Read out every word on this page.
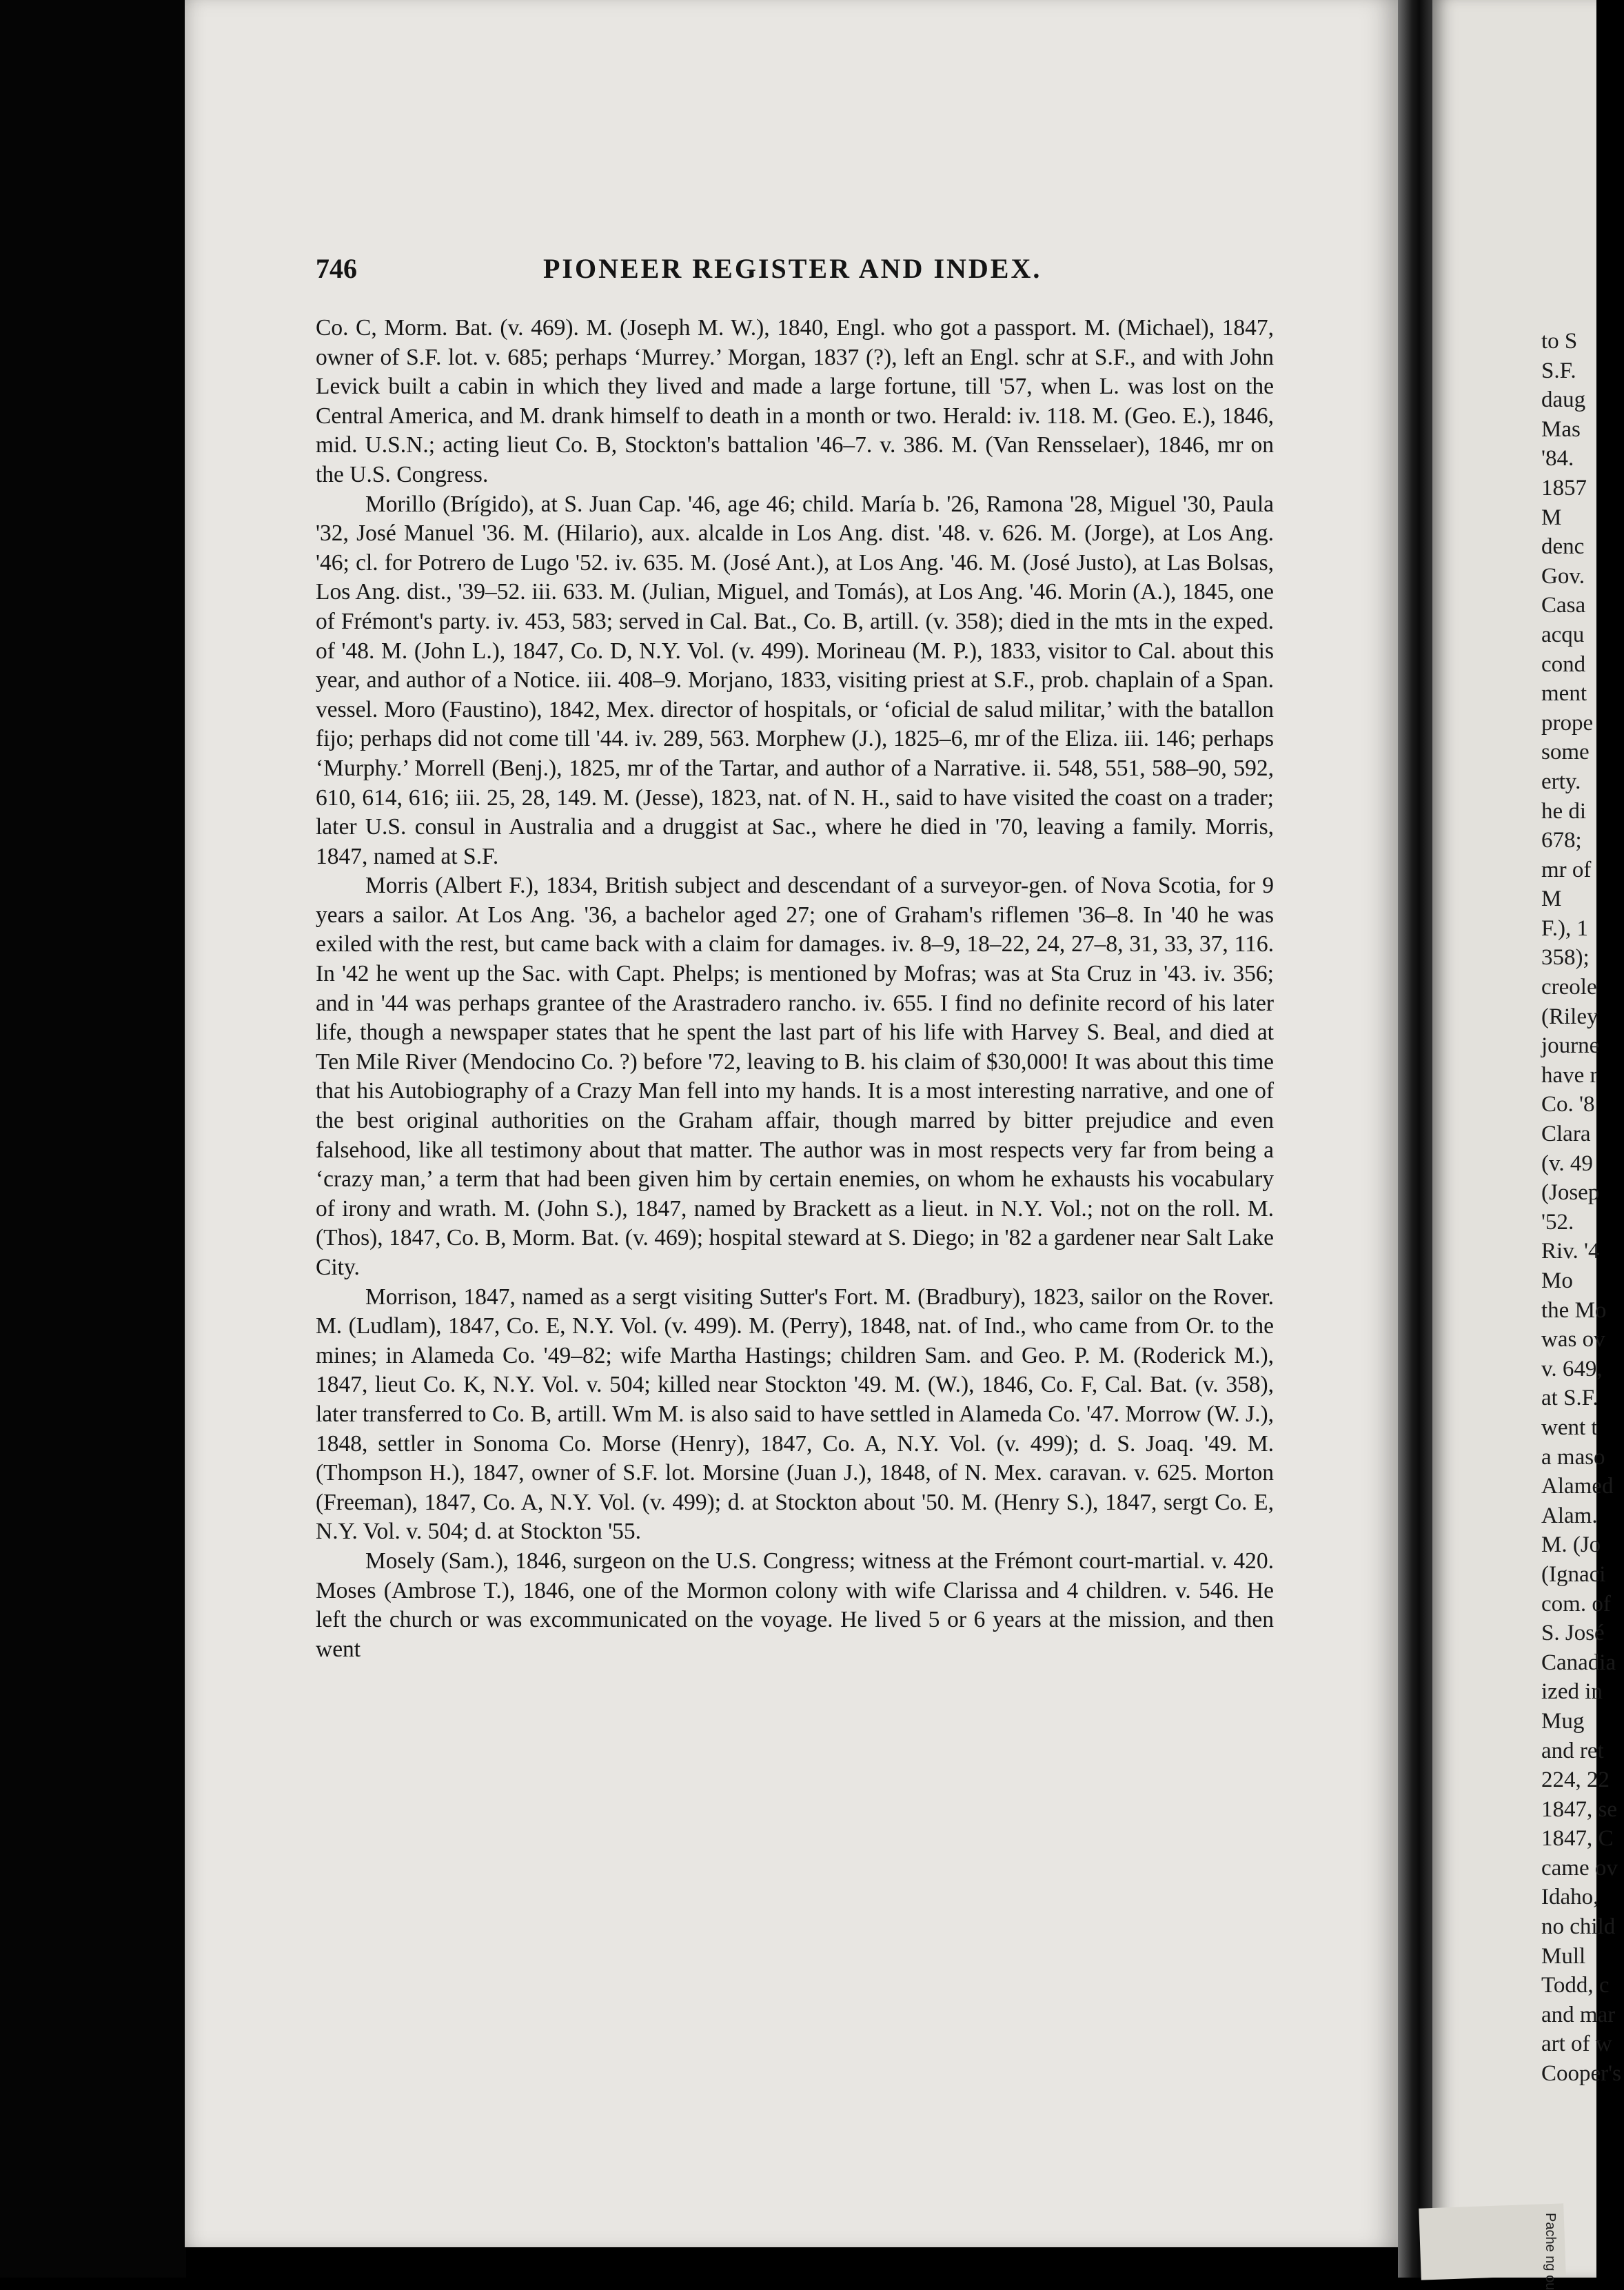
746	PIONEER REGISTER AND INDEX.

Co. C, Morm. Bat. (v. 469). M. (Joseph M. W.), 1840, Engl. who got a passport. M. (Michael), 1847, owner of S.F. lot. v. 685; perhaps ‘Murrey.’ Morgan, 1837 (?), left an Engl. schr at S.F., and with John Levick built a cabin in which they lived and made a large fortune, till '57, when L. was lost on the Central America, and M. drank himself to death in a month or two. Herald: iv. 118. M. (Geo. E.), 1846, mid. U.S.N.; acting lieut Co. B, Stockton's battalion '46–7. v. 386. M. (Van Rensselaer), 1846, mr on the U.S. Congress.

Morillo (Brígido), at S. Juan Cap. '46, age 46; child. María b. '26, Ramona '28, Miguel '30, Paula '32, José Manuel '36. M. (Hilario), aux. alcalde in Los Ang. dist. '48. v. 626. M. (Jorge), at Los Ang. '46; cl. for Potrero de Lugo '52. iv. 635. M. (José Ant.), at Los Ang. '46. M. (José Justo), at Las Bolsas, Los Ang. dist., '39–52. iii. 633. M. (Julian, Miguel, and Tomás), at Los Ang. '46. Morin (A.), 1845, one of Frémont's party. iv. 453, 583; served in Cal. Bat., Co. B, artill. (v. 358); died in the mts in the exped. of '48. M. (John L.), 1847, Co. D, N.Y. Vol. (v. 499). Morineau (M. P.), 1833, visitor to Cal. about this year, and author of a Notice. iii. 408–9. Morjano, 1833, visiting priest at S.F., prob. chaplain of a Span. vessel. Moro (Faustino), 1842, Mex. director of hospitals, or ‘oficial de salud militar,’ with the batallon fijo; perhaps did not come till '44. iv. 289, 563. Morphew (J.), 1825–6, mr of the Eliza. iii. 146; perhaps ‘Murphy.’ Morrell (Benj.), 1825, mr of the Tartar, and author of a Narrative. ii. 548, 551, 588–90, 592, 610, 614, 616; iii. 25, 28, 149. M. (Jesse), 1823, nat. of N. H., said to have visited the coast on a trader; later U.S. consul in Australia and a druggist at Sac., where he died in '70, leaving a family. Morris, 1847, named at S.F.

Morris (Albert F.), 1834, British subject and descendant of a surveyor-gen. of Nova Scotia, for 9 years a sailor. At Los Ang. '36, a bachelor aged 27; one of Graham's riflemen '36–8. In '40 he was exiled with the rest, but came back with a claim for damages. iv. 8–9, 18–22, 24, 27–8, 31, 33, 37, 116. In '42 he went up the Sac. with Capt. Phelps; is mentioned by Mofras; was at Sta Cruz in '43. iv. 356; and in '44 was perhaps grantee of the Arastradero rancho. iv. 655. I find no definite record of his later life, though a newspaper states that he spent the last part of his life with Harvey S. Beal, and died at Ten Mile River (Mendocino Co. ?) before '72, leaving to B. his claim of $30,000! It was about this time that his Autobiography of a Crazy Man fell into my hands. It is a most interesting narrative, and one of the best original authorities on the Graham affair, though marred by bitter prejudice and even falsehood, like all testimony about that matter. The author was in most respects very far from being a ‘crazy man,’ a term that had been given him by certain enemies, on whom he exhausts his vocabulary of irony and wrath. M. (John S.), 1847, named by Brackett as a lieut. in N.Y. Vol.; not on the roll. M. (Thos), 1847, Co. B, Morm. Bat. (v. 469); hospital steward at S. Diego; in '82 a gardener near Salt Lake City.

Morrison, 1847, named as a sergt visiting Sutter's Fort. M. (Bradbury), 1823, sailor on the Rover. M. (Ludlam), 1847, Co. E, N.Y. Vol. (v. 499). M. (Perry), 1848, nat. of Ind., who came from Or. to the mines; in Alameda Co. '49–82; wife Martha Hastings; children Sam. and Geo. P. M. (Roderick M.), 1847, lieut Co. K, N.Y. Vol. v. 504; killed near Stockton '49. M. (W.), 1846, Co. F, Cal. Bat. (v. 358), later transferred to Co. B, artill. Wm M. is also said to have settled in Alameda Co. '47. Morrow (W. J.), 1848, settler in Sonoma Co. Morse (Henry), 1847, Co. A, N.Y. Vol. (v. 499); d. S. Joaq. '49. M. (Thompson H.), 1847, owner of S.F. lot. Morsine (Juan J.), 1848, of N. Mex. caravan. v. 625. Morton (Freeman), 1847, Co. A, N.Y. Vol. (v. 499); d. at Stockton about '50. M. (Henry S.), 1847, sergt Co. E, N.Y. Vol. v. 504; d. at Stockton '55.

Mosely (Sam.), 1846, surgeon on the U.S. Congress; witness at the Frémont court-martial. v. 420. Moses (Ambrose T.), 1846, one of the Mormon colony with wife Clarissa and 4 children. v. 546. He left the church or was excommunicated on the voyage. He lived 5 or 6 years at the mission, and then went

to S
S.F.
daug
Mas
'84.
1857
M
denc
Gov.
Casa
acqu
cond
ment
prope
some
erty.
he di
678;
mr of
M
F.), 1
358);
creole
(Riley
journe
have r
Co. '8
Clara
(v. 49
(Josep
'52.
Riv. '4
Mo
the Mo
was ov
v. 649,
at S.F.
went t
a maso
Alamed
Alam.
M. (Jo
(Ignaci
com. of
S. José
Canadia
ized in
Mug
and ret
224, 22
1847, se
1847, C
came ov
Idaho,
no child
Mull
Todd, c
and mar
art of w
Cooper's
Pache ng ou
